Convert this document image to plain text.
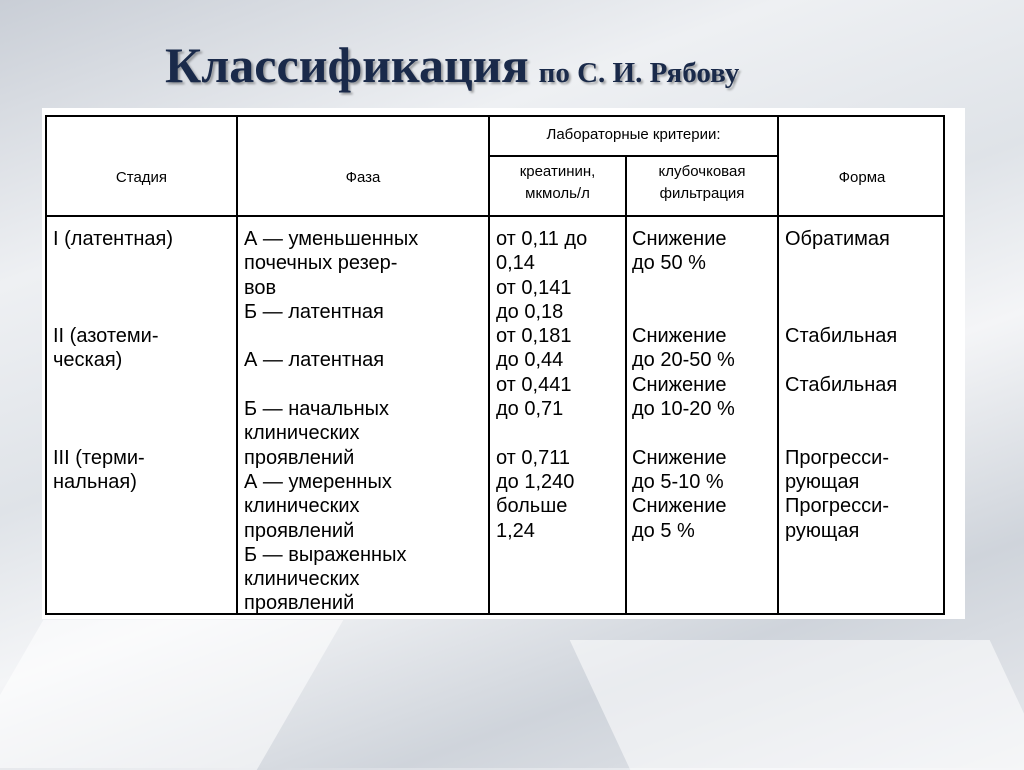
Классификация по С. И. Рябову
Стадия	Фаза
Лабораторные критерии:
креатинин,
мкмоль/л
клубочковая
фильтрация
Форма
I (латентная)
II (азотеми-
ческая)
III (терми-
нальная)
А — уменьшенных
почечных резер-
вов
Б — латентная
А — латентная
Б — начальных
клинических
проявлений
А — умеренных
клинических
проявлений
Б — выраженных
клинических
проявлений
от 0,11 до
0,14
от 0,141
до 0,18
от 0,181
до 0,44
от 0,441
до 0,71
от 0,711
до 1,240
больше
1,24
Снижение
до 50 %
Снижение
до 20-50 %
Снижение
до 10-20 %
Снижение
до 5-10 %
Снижение
до 5 %
Обратимая
Стабильная
Стабильная
Прогресси-
рующая
Прогресси-
рующая
